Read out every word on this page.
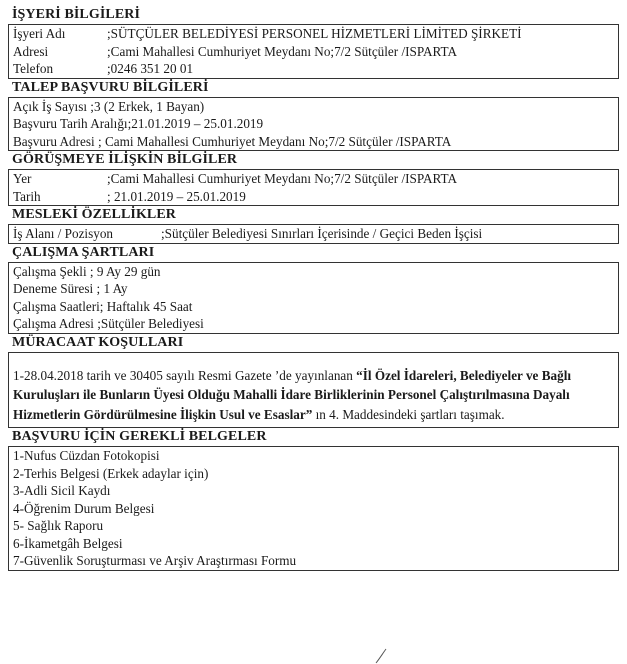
İŞYERİ BİLGİLERİ
İşyeri Adı	;SÜTÇÜLER BELEDİYESİ PERSONEL HİZMETLERİ LİMİTED ŞİRKETİ
Adresi	;Cami Mahallesi Cumhuriyet Meydanı No;7/2 Sütçüler /ISPARTA
Telefon	;0246 351 20 01
TALEP BAŞVURU BİLGİLERİ
Açık İş Sayısı ;3 (2 Erkek, 1 Bayan)
Başvuru Tarih Aralığı;21.01.2019 – 25.01.2019
Başvuru Adresi ; Cami Mahallesi Cumhuriyet Meydanı No;7/2 Sütçüler /ISPARTA
GÖRÜŞMEYE İLİŞKİN BİLGİLER
Yer	;Cami Mahallesi Cumhuriyet Meydanı No;7/2 Sütçüler /ISPARTA
Tarih	; 21.01.2019 – 25.01.2019
MESLEKİ ÖZELLİKLER
İş Alanı / Pozisyon	;Sütçüler Belediyesi Sınırları İçerisinde / Geçici Beden İşçisi
ÇALIŞMA ŞARTLARI
Çalışma Şekli ; 9 Ay 29 gün
Deneme Süresi ; 1 Ay
Çalışma Saatleri; Haftalık 45 Saat
Çalışma Adresi ;Sütçüler Belediyesi
MÜRACAAT KOŞULLARI
1-28.04.2018 tarih ve 30405 sayılı Resmi Gazete ’de yayınlanan “İl Özel İdareleri, Belediyeler ve Bağlı Kuruluşları ile Bunların Üyesi Olduğu Mahalli İdare Birliklerinin Personel Çalıştırılmasına Dayalı Hizmetlerin Gördürülmesine İlişkin Usul ve Esaslar” ın 4. Maddesindeki şartları taşımak.
BAŞVURU İÇİN GEREKLİ BELGELER
1-Nufus Cüzdan Fotokopisi
2-Terhis Belgesi (Erkek adaylar için)
3-Adli Sicil Kaydı
4-Öğrenim Durum Belgesi
5- Sağlık Raporu
6-İkametgâh Belgesi
7-Güvenlik Soruşturması ve Arşiv Araştırması Formu
